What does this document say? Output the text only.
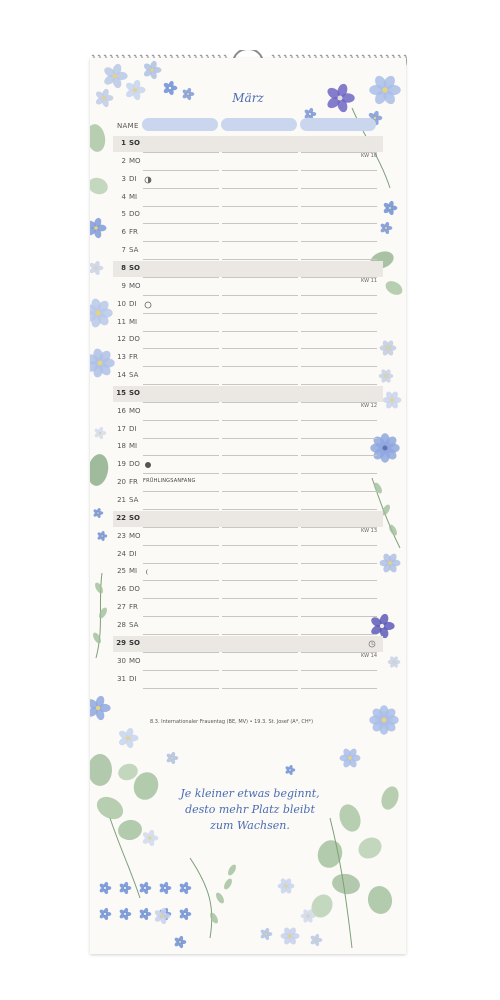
März
NAME
1 SO
KW 10
2 MO
3 DI
4 MI
5 DO
6 FR
7 SA
8 SO
KW 11
9 MO
10 DI
11 MI
12 DO
13 FR
14 SA
15 SO
KW 12
16 MO
17 DI
18 MI
19 DO
20 FR
21 SA
22 SO
KW 13
23 MO
24 DI
25 MI
26 DO
27 FR
28 SA
29 SO
KW 14
30 MO
31 DI
FRÜHLINGSANFANG
8.3. Internationaler Frauentag (BE, MV) • 19.3. St. Josef (A*, CH*)
Je kleiner etwas beginnt,
desto mehr Platz bleibt
zum Wachsen.
